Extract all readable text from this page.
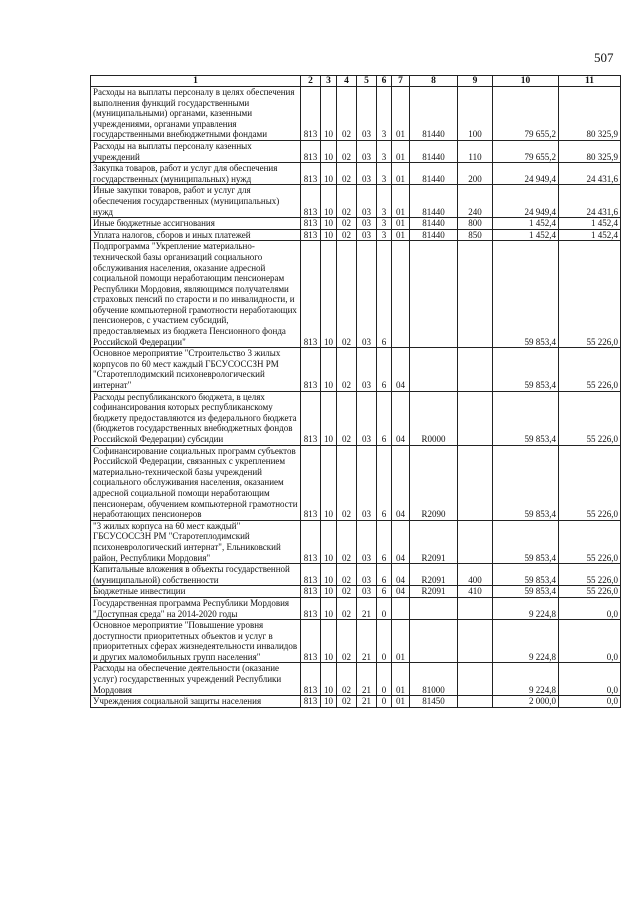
507
1	2	3	4	5	6	7	8	9	10	11
Расходы на выплаты персоналу в целях обеспечения выполнения функций государственными (муниципальными) органами, казенными учреждениями, органами управления государственными внебюджетными фондами	813	10	02	03	3	01	81440	100	79 655,2	80 325,9
Расходы на выплаты персоналу казенных учреждений	813	10	02	03	3	01	81440	110	79 655,2	80 325,9
Закупка товаров, работ и услуг для обеспечения государственных (муниципальных) нужд	813	10	02	03	3	01	81440	200	24 949,4	24 431,6
Иные закупки товаров, работ и услуг для обеспечения государственных (муниципальных) нужд	813	10	02	03	3	01	81440	240	24 949,4	24 431,6
Иные бюджетные ассигнования	813	10	02	03	3	01	81440	800	1 452,4	1 452,4
Уплата налогов, сборов и иных платежей	813	10	02	03	3	01	81440	850	1 452,4	1 452,4
Подпрограмма "Укрепление материально-технической базы организаций социального обслуживания населения, оказание адресной социальной помощи неработающим пенсионерам Республики Мордовия, являющимся получателями страховых пенсий по старости и по инвалидности, и обучение компьютерной грамотности неработающих пенсионеров, с участием субсидий, предоставляемых из бюджета Пенсионного фонда Российской Федерации"	813	10	02	03	6				59 853,4	55 226,0
Основное мероприятие "Строительство 3 жилых корпусов по 60 мест каждый ГБСУСОССЗН РМ "Старотеплодимский психоневрологический интернат"	813	10	02	03	6	04			59 853,4	55 226,0
Расходы республиканского бюджета, в целях софинансирования которых республиканскому бюджету предоставляются из федерального бюджета (бюджетов государственных внебюджетных фондов Российской Федерации) субсидии	813	10	02	03	6	04	R0000		59 853,4	55 226,0
Софинансирование социальных программ субъектов Российской Федерации, связанных с укреплением материально-технической базы учреждений социального обслуживания населения, оказанием адресной социальной помощи неработающим пенсионерам, обучением компьютерной грамотности неработающих пенсионеров	813	10	02	03	6	04	R2090		59 853,4	55 226,0
"3 жилых корпуса на 60 мест каждый" ГБСУСОССЗН РМ "Старотеплодимский психоневрологический интернат", Ельниковский район, Республики Мордовия"	813	10	02	03	6	04	R2091		59 853,4	55 226,0
Капитальные вложения в объекты государственной (муниципальной) собственности	813	10	02	03	6	04	R2091	400	59 853,4	55 226,0
Бюджетные инвестиции	813	10	02	03	6	04	R2091	410	59 853,4	55 226,0
Государственная программа Республики Мордовия "Доступная среда" на 2014-2020 годы	813	10	02	21	0				9 224,8	0,0
Основное мероприятие "Повышение уровня доступности приоритетных объектов и услуг в приоритетных сферах жизнедеятельности инвалидов и других маломобильных групп населения"	813	10	02	21	0	01			9 224,8	0,0
Расходы на обеспечение деятельности (оказание услуг) государственных учреждений Республики Мордовия	813	10	02	21	0	01	81000		9 224,8	0,0
Учреждения социальной защиты населения	813	10	02	21	0	01	81450		2 000,0	0,0
